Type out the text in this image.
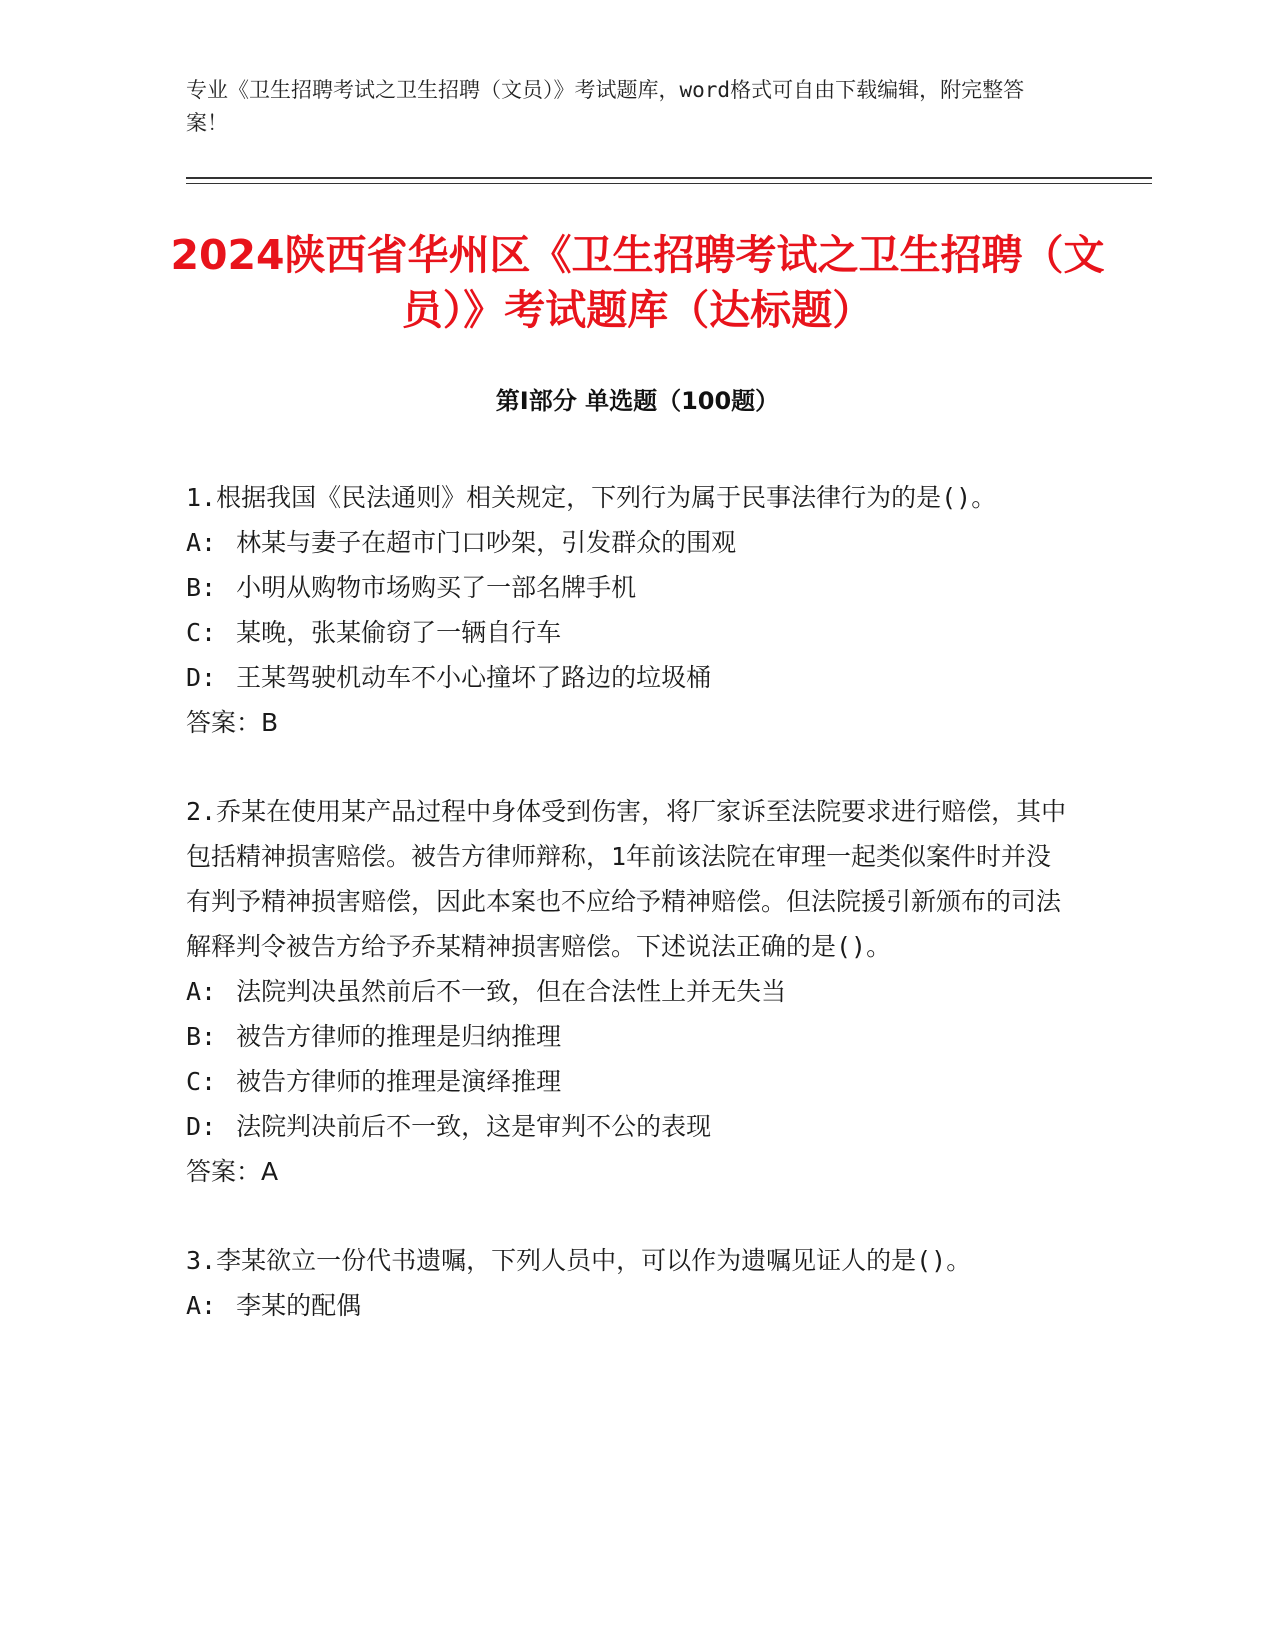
专业《卫生招聘考试之卫生招聘（文员）》考试题库，word格式可自由下载编辑，附完整答案！

2024陕西省华州区《卫生招聘考试之卫生招聘（文员）》考试题库（达标题）
第Ⅰ部分 单选题（100题）

1.根据我国《民法通则》相关规定，下列行为属于民事法律行为的是()。

A: 林某与妻子在超市门口吵架，引发群众的围观

B: 小明从购物市场购买了一部名牌手机

C: 某晚，张某偷窃了一辆自行车

D: 王某驾驶机动车不小心撞坏了路边的垃圾桶

答案：B

2.乔某在使用某产品过程中身体受到伤害，将厂家诉至法院要求进行赔偿，其中包括精神损害赔偿。被告方律师辩称，1年前该法院在审理一起类似案件时并没有判予精神损害赔偿，因此本案也不应给予精神赔偿。但法院援引新颁布的司法解释判令被告方给予乔某精神损害赔偿。下述说法正确的是()。

A: 法院判决虽然前后不一致，但在合法性上并无失当

B: 被告方律师的推理是归纳推理

C: 被告方律师的推理是演绎推理

D: 法院判决前后不一致，这是审判不公的表现

答案：A

3.李某欲立一份代书遗嘱，下列人员中，可以作为遗嘱见证人的是()。

A: 李某的配偶
